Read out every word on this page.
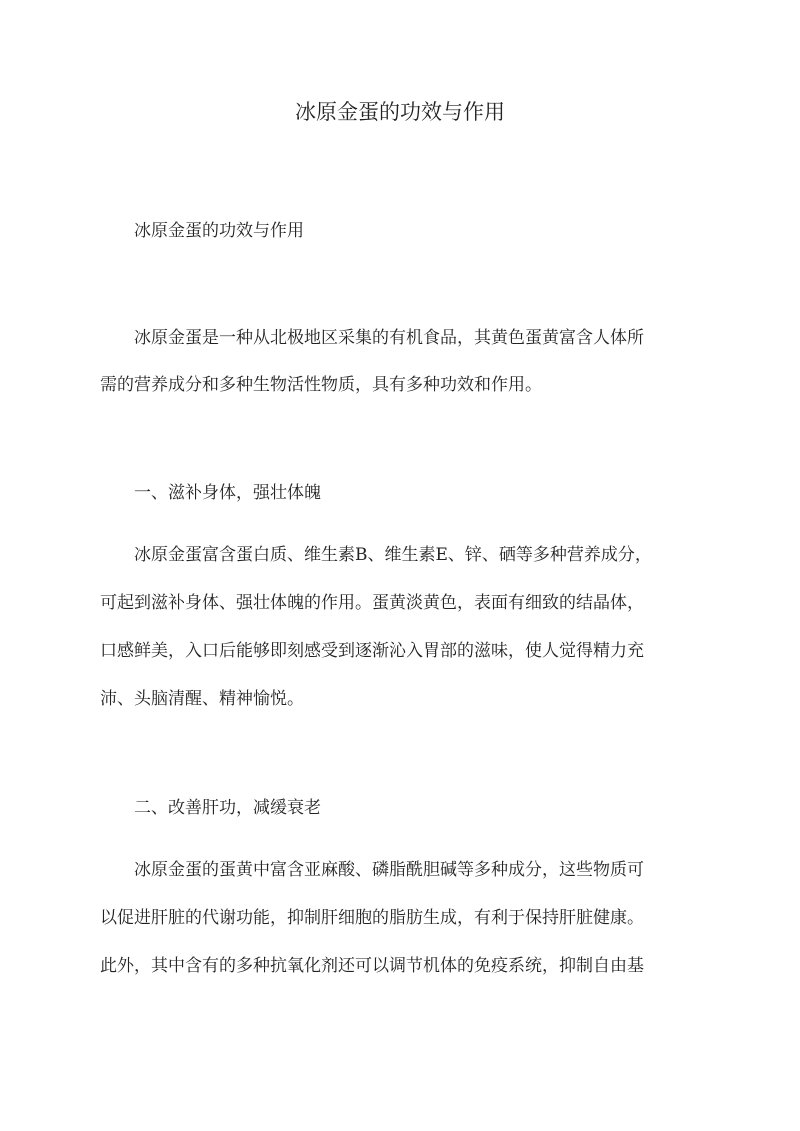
冰原金蛋的功效与作用

冰原金蛋的功效与作用

冰原金蛋是一种从北极地区采集的有机食品，其黄色蛋黄富含人体所

需的营养成分和多种生物活性物质，具有多种功效和作用。

一、滋补身体，强壮体魄

冰原金蛋富含蛋白质、维生素B、维生素E、锌、硒等多种营养成分，

可起到滋补身体、强壮体魄的作用。蛋黄淡黄色，表面有细致的结晶体，

口感鲜美，入口后能够即刻感受到逐渐沁入胃部的滋味，使人觉得精力充

沛、头脑清醒、精神愉悦。

二、改善肝功，减缓衰老

冰原金蛋的蛋黄中富含亚麻酸、磷脂酰胆碱等多种成分，这些物质可

以促进肝脏的代谢功能，抑制肝细胞的脂肪生成，有利于保持肝脏健康。

此外，其中含有的多种抗氧化剂还可以调节机体的免疫系统，抑制自由基
